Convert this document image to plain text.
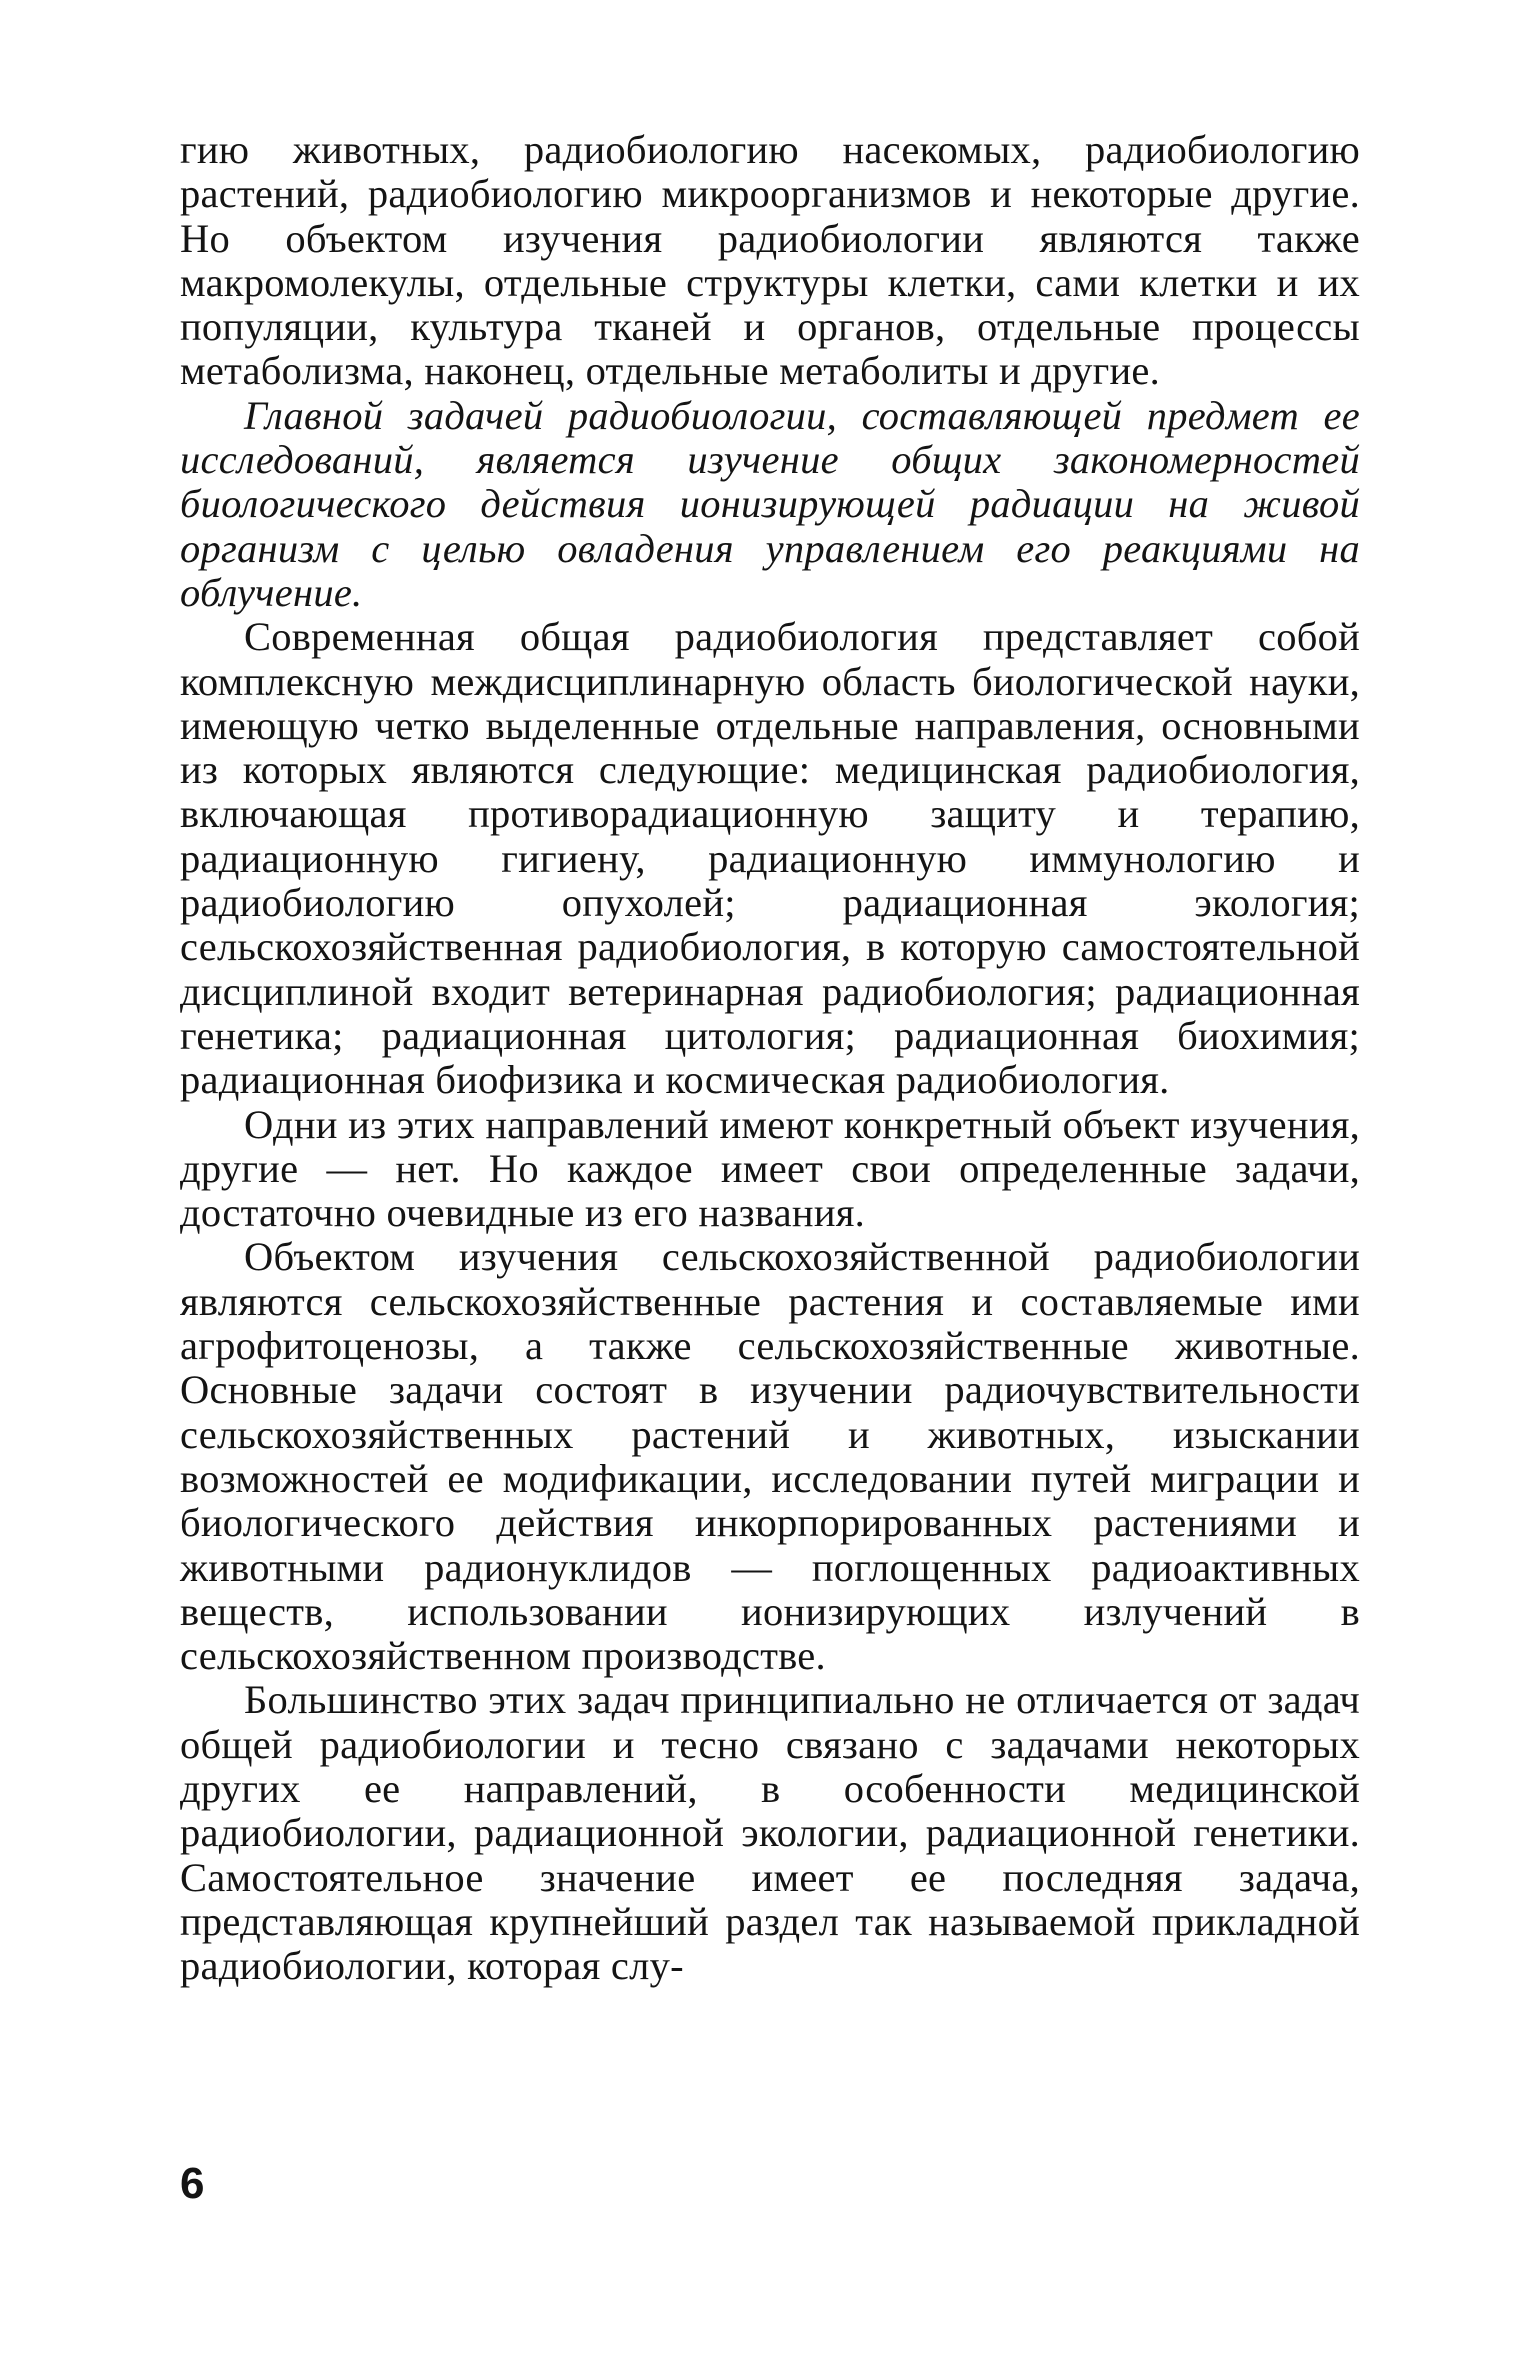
гию животных, радиобиологию насекомых, радиобиологию растений, радиобиологию микроорганизмов и некоторые другие. Но объектом изучения радиобиологии являются также макромолекулы, отдельные структуры клетки, сами клетки и их популяции, культура тканей и органов, отдельные процессы метаболизма, наконец, отдельные метаболиты и другие.

Главной задачей радиобиологии, составляющей предмет ее исследований, является изучение общих закономерностей биологического действия ионизирующей радиации на живой организм с целью овладения управлением его реакциями на облучение.

Современная общая радиобиология представляет собой комплексную междисциплинарную область биологической науки, имеющую четко выделенные отдельные направления, основными из которых являются следующие: медицинская радиобиология, включающая противорадиационную защиту и терапию, радиационную гигиену, радиационную иммунологию и радиобиологию опухолей; радиационная экология; сельскохозяйственная радиобиология, в которую самостоятельной дисциплиной входит ветеринарная радиобиология; радиационная генетика; радиационная цитология; радиационная биохимия; радиационная биофизика и космическая радиобиология.

Одни из этих направлений имеют конкретный объект изучения, другие — нет. Но каждое имеет свои определенные задачи, достаточно очевидные из его названия.

Объектом изучения сельскохозяйственной радиобиологии являются сельскохозяйственные растения и составляемые ими агрофитоценозы, а также сельскохозяйственные животные. Основные задачи состоят в изучении радиочувствительности сельскохозяйственных растений и животных, изыскании возможностей ее модификации, исследовании путей миграции и биологического действия инкорпорированных растениями и животными радионуклидов — поглощенных радиоактивных веществ, использовании ионизирующих излучений в сельскохозяйственном производстве.

Большинство этих задач принципиально не отличается от задач общей радиобиологии и тесно связано с задачами некоторых других ее направлений, в особенности медицинской радиобиологии, радиационной экологии, радиационной генетики. Самостоятельное значение имеет ее последняя задача, представляющая крупнейший раздел так называемой прикладной радиобиологии, которая слу-

6
